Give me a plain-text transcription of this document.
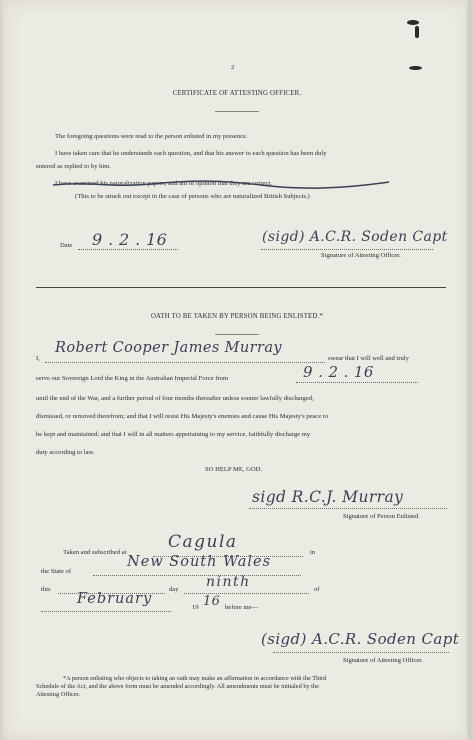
2
CERTIFICATE OF ATTESTING OFFICER.
The foregoing questions were read to the person enlisted in my presence.
I have taken care that he understands each question, and that his answer to each question has been duly
entered as replied to by him.
I have examined his naturalization papers, and am of opinion that they are correct.
(This to be struck out except in the case of persons who are naturalized British Subjects.)
Date 9 . 2 . 16	(sigd) A.C.R. Soden Capt
Signature of Attesting Officer.
OATH TO BE TAKEN BY PERSON BEING ENLISTED.*
I,
Robert Cooper James Murray
swear that I will well and truly
serve our Sovereign Lord the King in the Australian Imperial Force from	9 . 2 . 16
until the end of the War, and a further period of four months thereafter unless sooner lawfully discharged,
dismissed, or removed therefrom; and that I will resist His Majesty's enemies and cause His Majesty's peace to
be kept and maintained; and that I will in all matters appertaining to my service, faithfully discharge my
duty according to law.
SO HELP ME, GOD.
sigd R.C.J. Murray
Signature of Person Enlisted.
Taken and subscribed at
Cagula
in
the State of
New South Wales
this	day ninth	of
February
19 16 before me—
(sigd) A.C.R. Soden Capt
Signature of Attesting Officer.
*A person enlisting who objects to taking an oath may make an affirmation in accordance with the Third
Schedule of the Act, and the above form must be amended accordingly. All amendments must be initialed by the
Attesting Officer.
